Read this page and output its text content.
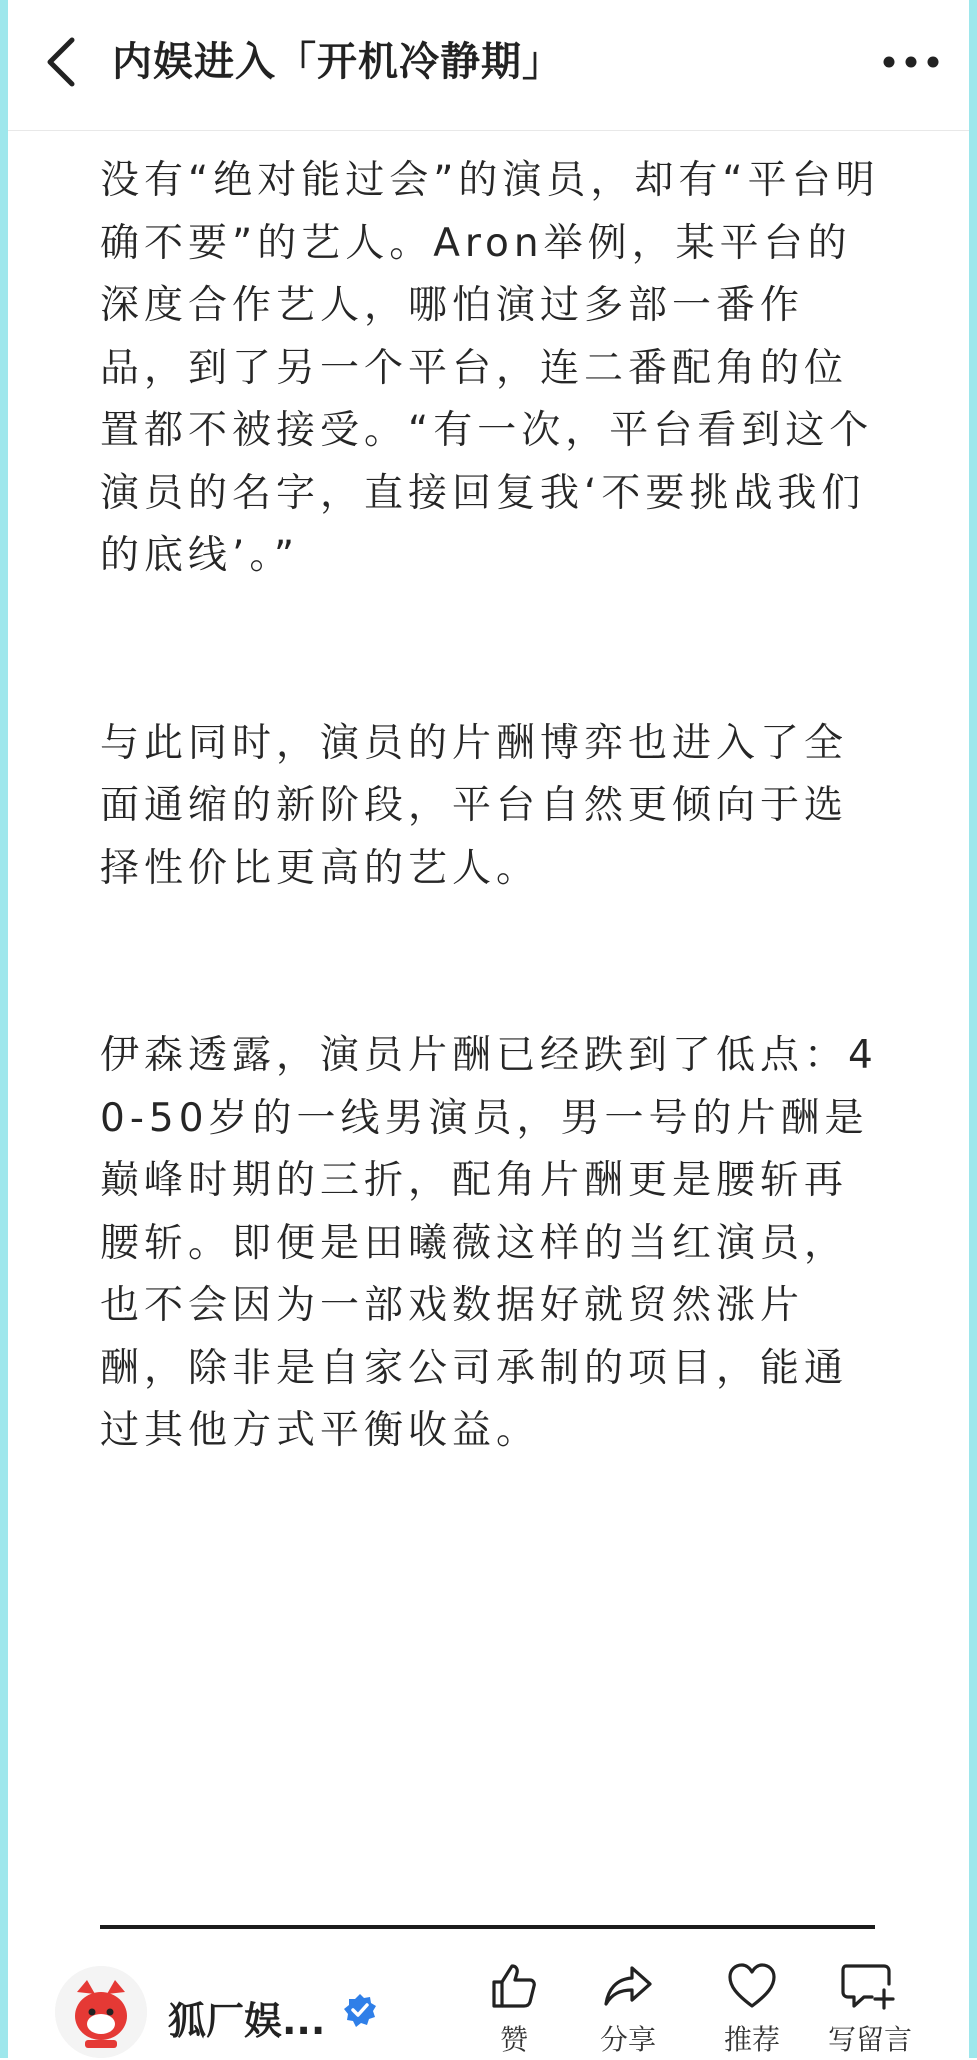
内娱进入「开机冷静期」

没有“绝对能过会”的演员，却有“平台明确不要”的艺人。Aron举例，某平台的深度合作艺人，哪怕演过多部一番作品，到了另一个平台，连二番配角的位置都不被接受。“有一次，平台看到这个演员的名字，直接回复我‘不要挑战我们的底线’。”

与此同时，演员的片酬博弈也进入了全面通缩的新阶段，平台自然更倾向于选择性价比更高的艺人。

伊森透露，演员片酬已经跌到了低点：40-50岁的一线男演员，男一号的片酬是巅峰时期的三折，配角片酬更是腰斩再腰斩。即便是田曦薇这样的当红演员，也不会因为一部戏数据好就贸然涨片酬，除非是自家公司承制的项目，能通过其他方式平衡收益。

狐厂娱...	赞	分享	推荐	写留言
